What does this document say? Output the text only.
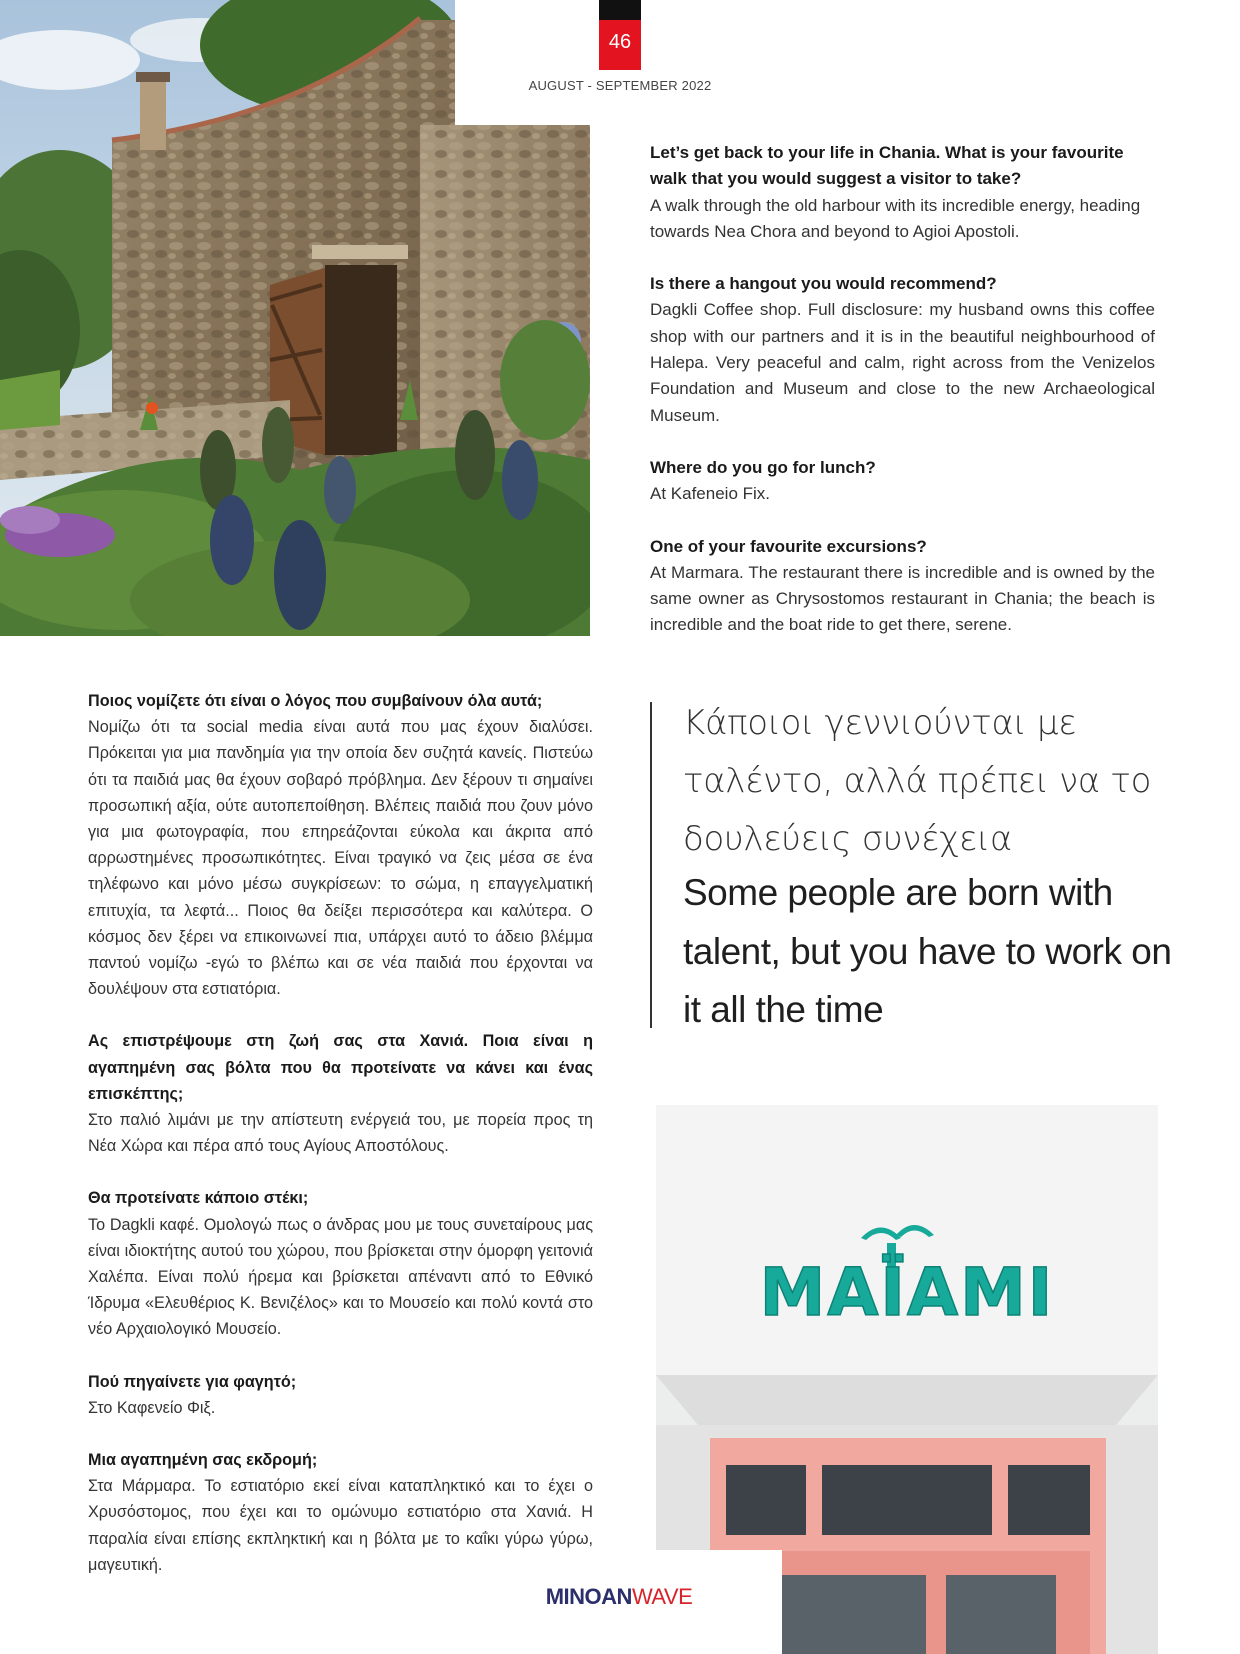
46
AUGUST - SEPTEMBER 2022
Let’s get back to your life in Chania. What is your favourite walk that you would suggest a visitor to take?
A walk through the old harbour with its incredible energy, heading towards Nea Chora and beyond to Agioi Apostoli.
Is there a hangout you would recommend?
Dagkli Coffee shop. Full disclosure: my husband owns this coffee shop with our partners and it is in the beautiful neighbourhood of Halepa. Very peaceful and calm, right across from the Venizelos Foundation and Museum and close to the new Archaeological Museum.
Where do you go for lunch?
At Kafeneio Fix.
One of your favourite excursions?
At Marmara. The restaurant there is incredible and is owned by the same owner as Chrysostomos restaurant in Chania; the beach is incredible and the boat ride to get there, serene.
Ποιος νομίζετε ότι είναι ο λόγος που συμβαίνουν όλα αυτά;
Νομίζω ότι τα social media είναι αυτά που μας έχουν διαλύσει. Πρόκειται για μια πανδημία για την οποία δεν συζητά κανείς. Πιστεύω ότι τα παιδιά μας θα έχουν σοβαρό πρόβλημα. Δεν ξέρουν τι σημαίνει προσωπική αξία, ούτε αυτοπεποίθηση. Βλέπεις παιδιά που ζουν μόνο για μια φωτογραφία, που επηρεάζονται εύκολα και άκριτα από αρρωστημένες προσωπικότητες. Είναι τραγικό να ζεις μέσα σε ένα τηλέφωνο και μόνο μέσω συγκρίσεων: το σώμα, η επαγγελματική επιτυχία, τα λεφτά... Ποιος θα δείξει περισσότερα και καλύτερα. Ο κόσμος δεν ξέρει να επικοινωνεί πια, υπάρχει αυτό το άδειο βλέμμα παντού νομίζω -εγώ το βλέπω και σε νέα παιδιά που έρχονται να δουλέψουν στα εστιατόρια.
Ας επιστρέψουμε στη ζωή σας στα Χανιά. Ποια είναι η αγαπημένη σας βόλτα που θα προτείνατε να κάνει και ένας επισκέπτης;
Στο παλιό λιμάνι με την απίστευτη ενέργειά του, με πορεία προς τη Νέα Χώρα και πέρα από τους Αγίους Αποστόλους.
Θα προτείνατε κάποιο στέκι;
Το Dagkli καφέ. Ομολογώ πως ο άνδρας μου με τους συνεταίρους μας είναι ιδιοκτήτης αυτού του χώρου, που βρίσκεται στην όμορφη γειτονιά Χαλέπα. Είναι πολύ ήρεμα και βρίσκεται απέναντι από το Εθνικό Ίδρυμα «Ελευθέριος Κ. Βενιζέλος» και το Μουσείο και πολύ κοντά στο νέο Αρχαιολογικό Μουσείο.
Πού πηγαίνετε για φαγητό;
Στο Καφενείο Φιξ.
Μια αγαπημένη σας εκδρομή;
Στα Μάρμαρα. Το εστιατόριο εκεί είναι καταπληκτικό και το έχει ο Χρυσόστομος, που έχει και το ομώνυμο εστιατόριο στα Χανιά. Η παραλία είναι επίσης εκπληκτική και η βόλτα με το καΐκι γύρω γύρω, μαγευτική.
Κάποιοι γεννιούνται με ταλέντο, αλλά πρέπει να το δουλεύεις συνέχεια
Some people are born with talent, but you have to work on it all the time
ΜΑΪΑΜΙ
MINOANWAVE
